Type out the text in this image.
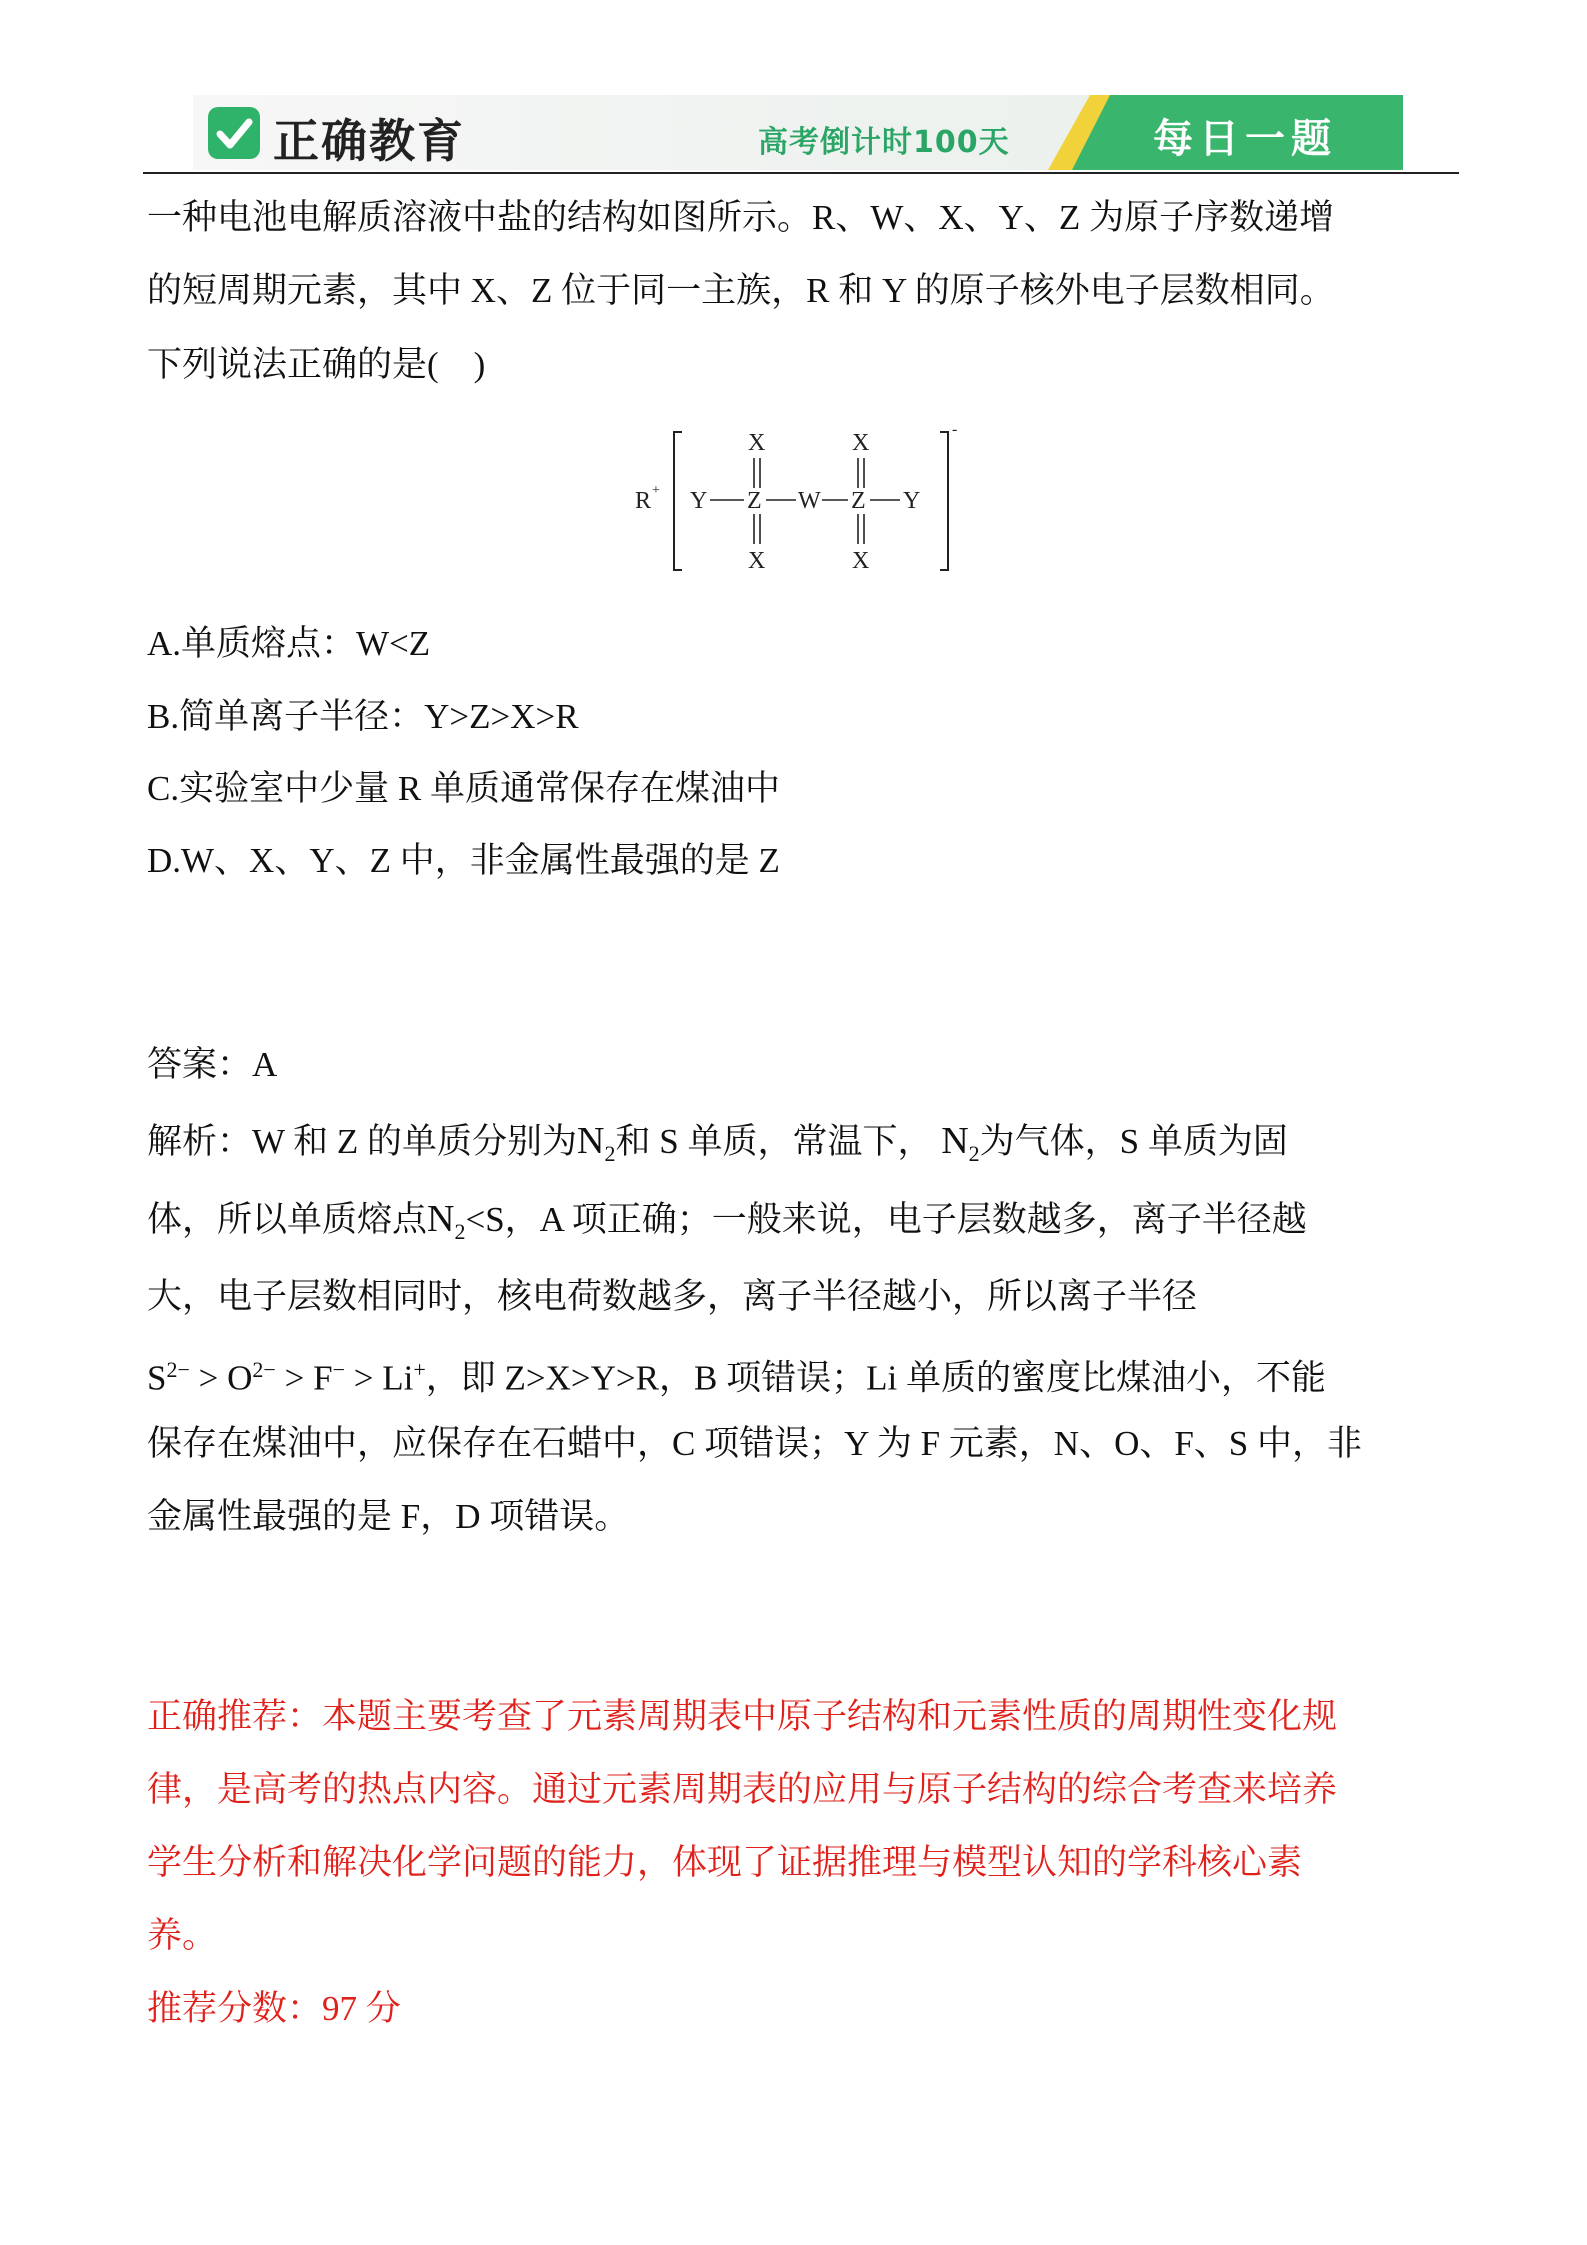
正确教育	高考倒计时100天	每日一题
一种电池电解质溶液中盐的结构如图所示。R、W、X、Y、Z 为原子序数递增
的短周期元素，其中 X、Z 位于同一主族，R 和 Y 的原子核外电子层数相同。
下列说法正确的是(　)
R +
-
X	X
Y Z W Z Y
X	X
A.单质熔点：W<Z
B.简单离子半径：Y>Z>X>R
C.实验室中少量 R 单质通常保存在煤油中
D.W、X、Y、Z 中，非金属性最强的是 Z
答案：A
解析：W 和 Z 的单质分别为$N_2$和 S 单质，常温下， $N_2$为气体，S 单质为固
体，所以单质熔点$N_2<S$，A 项正确；一般来说，电子层数越多，离子半径越
大，电子层数相同时，核电荷数越多，离子半径越小，所以离子半径
$S^{2-} > O^{2-} > F^- > Li^+$，即 Z>X>Y>R，B 项错误；Li 单质的蜜度比煤油小，不能
保存在煤油中，应保存在石蜡中，C 项错误；Y 为 F 元素，N、O、F、S 中，非
金属性最强的是 F，D 项错误。
正确推荐：本题主要考查了元素周期表中原子结构和元素性质的周期性变化规
律，是高考的热点内容。通过元素周期表的应用与原子结构的综合考查来培养
学生分析和解决化学问题的能力，体现了证据推理与模型认知的学科核心素
养。
推荐分数：97 分
